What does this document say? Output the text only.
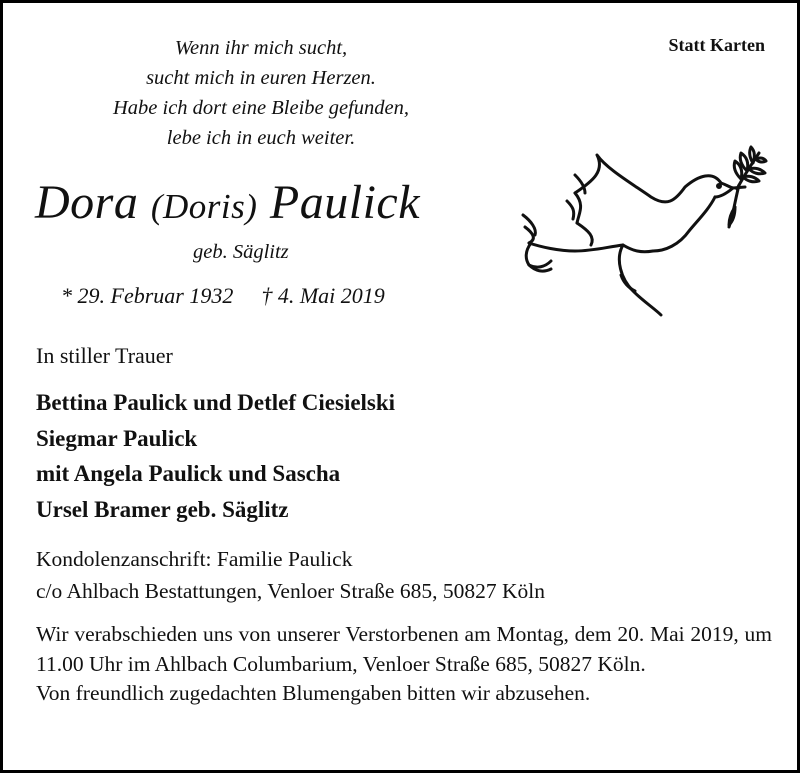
Statt Karten
Wenn ihr mich sucht,
sucht mich in euren Herzen.
Habe ich dort eine Bleibe gefunden,
lebe ich in euch weiter.
Dora (Doris) Paulick
geb. Säglitz
* 29. Februar 1932 † 4. Mai 2019
In stiller Trauer
Bettina Paulick und Detlef Ciesielski
Siegmar Paulick
mit Angela Paulick und Sascha
Ursel Bramer geb. Säglitz
Kondolenzanschrift: Familie Paulick
c/o Ahlbach Bestattungen, Venloer Straße 685, 50827 Köln

Wir verabschieden uns von unserer Verstorbenen am Montag, dem 20. Mai 2019, um 11.00 Uhr im Ahlbach Columbarium, Venloer Straße 685, 50827 Köln.

Von freundlich zugedachten Blumengaben bitten wir abzusehen.
